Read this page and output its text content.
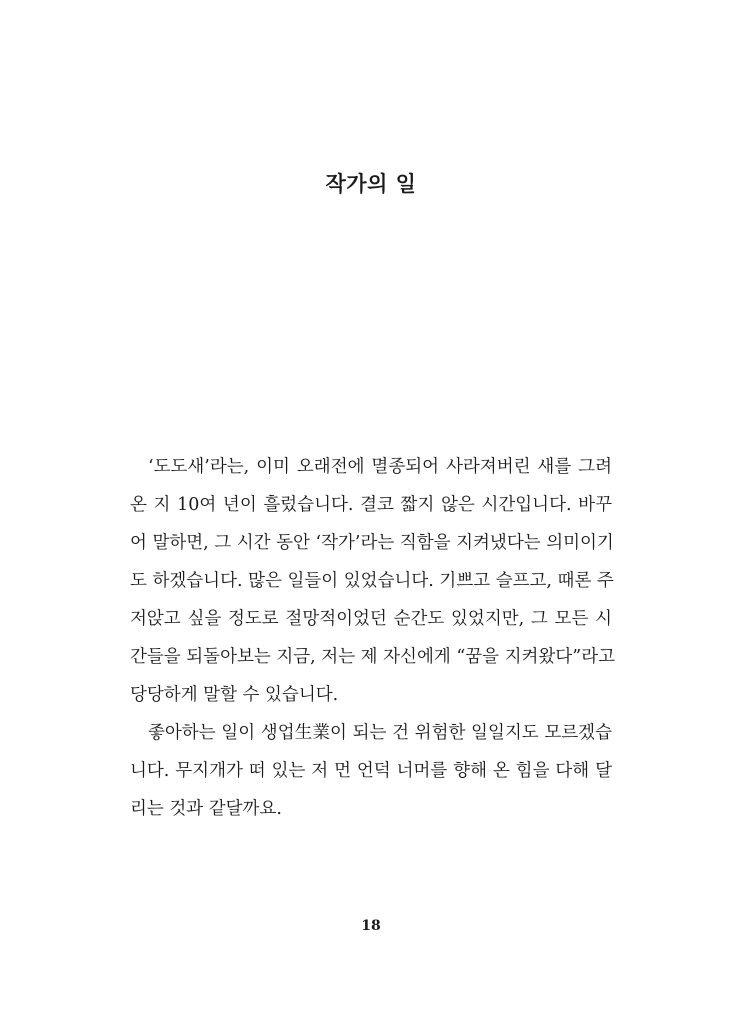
작가의 일
‘도도새’라는, 이미 오래전에 멸종되어 사라져버린 새를 그려
온 지 10여 년이 흘렀습니다. 결코 짧지 않은 시간입니다. 바꾸
어 말하면, 그 시간 동안 ‘작가’라는 직함을 지켜냈다는 의미이기
도 하겠습니다. 많은 일들이 있었습니다. 기쁘고 슬프고, 때론 주
저앉고 싶을 정도로 절망적이었던 순간도 있었지만, 그 모든 시
간들을 되돌아보는 지금, 저는 제 자신에게 “꿈을 지켜왔다”라고
당당하게 말할 수 있습니다.
좋아하는 일이 생업生業이 되는 건 위험한 일일지도 모르겠습
니다. 무지개가 떠 있는 저 먼 언덕 너머를 향해 온 힘을 다해 달
리는 것과 같달까요.
18
